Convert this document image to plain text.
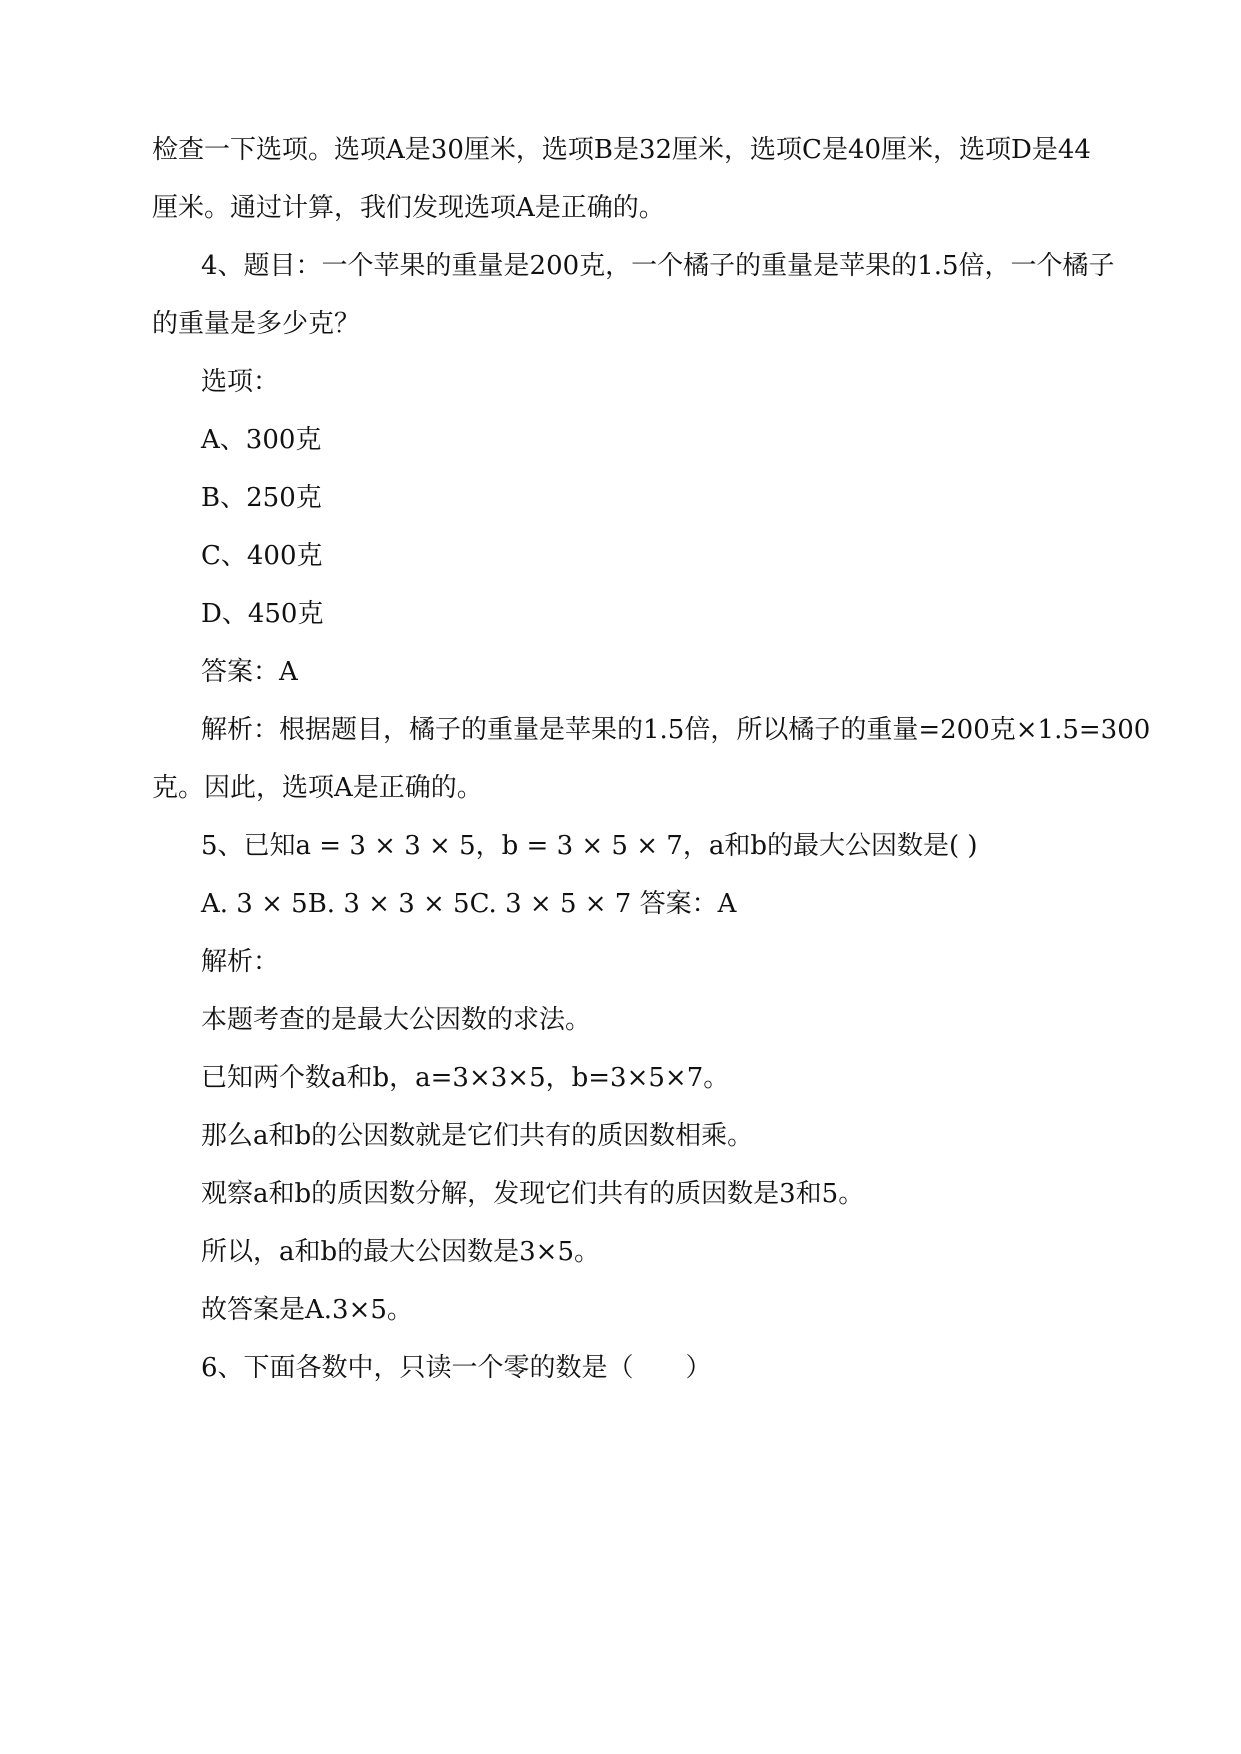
检查一下选项。选项A是30厘米，选项B是32厘米，选项C是40厘米，选项D是44
厘米。通过计算，我们发现选项A是正确的。
4、题目：一个苹果的重量是200克，一个橘子的重量是苹果的1.5倍，一个橘子
的重量是多少克？
选项：
A、300克
B、250克
C、400克
D、450克
答案：A
解析：根据题目，橘子的重量是苹果的1.5倍，所以橘子的重量=200克×1.5=300
克。因此，选项A是正确的。
5、已知a = 3 × 3 × 5，b = 3 × 5 × 7，a和b的最大公因数是( )
A. 3 × 5B. 3 × 3 × 5C. 3 × 5 × 7 答案：A
解析：
本题考查的是最大公因数的求法。
已知两个数a和b，a=3×3×5，b=3×5×7。
那么a和b的公因数就是它们共有的质因数相乘。
观察a和b的质因数分解，发现它们共有的质因数是3和5。
所以，a和b的最大公因数是3×5。
故答案是A.3×5。
6、下面各数中，只读一个零的数是（　　）
